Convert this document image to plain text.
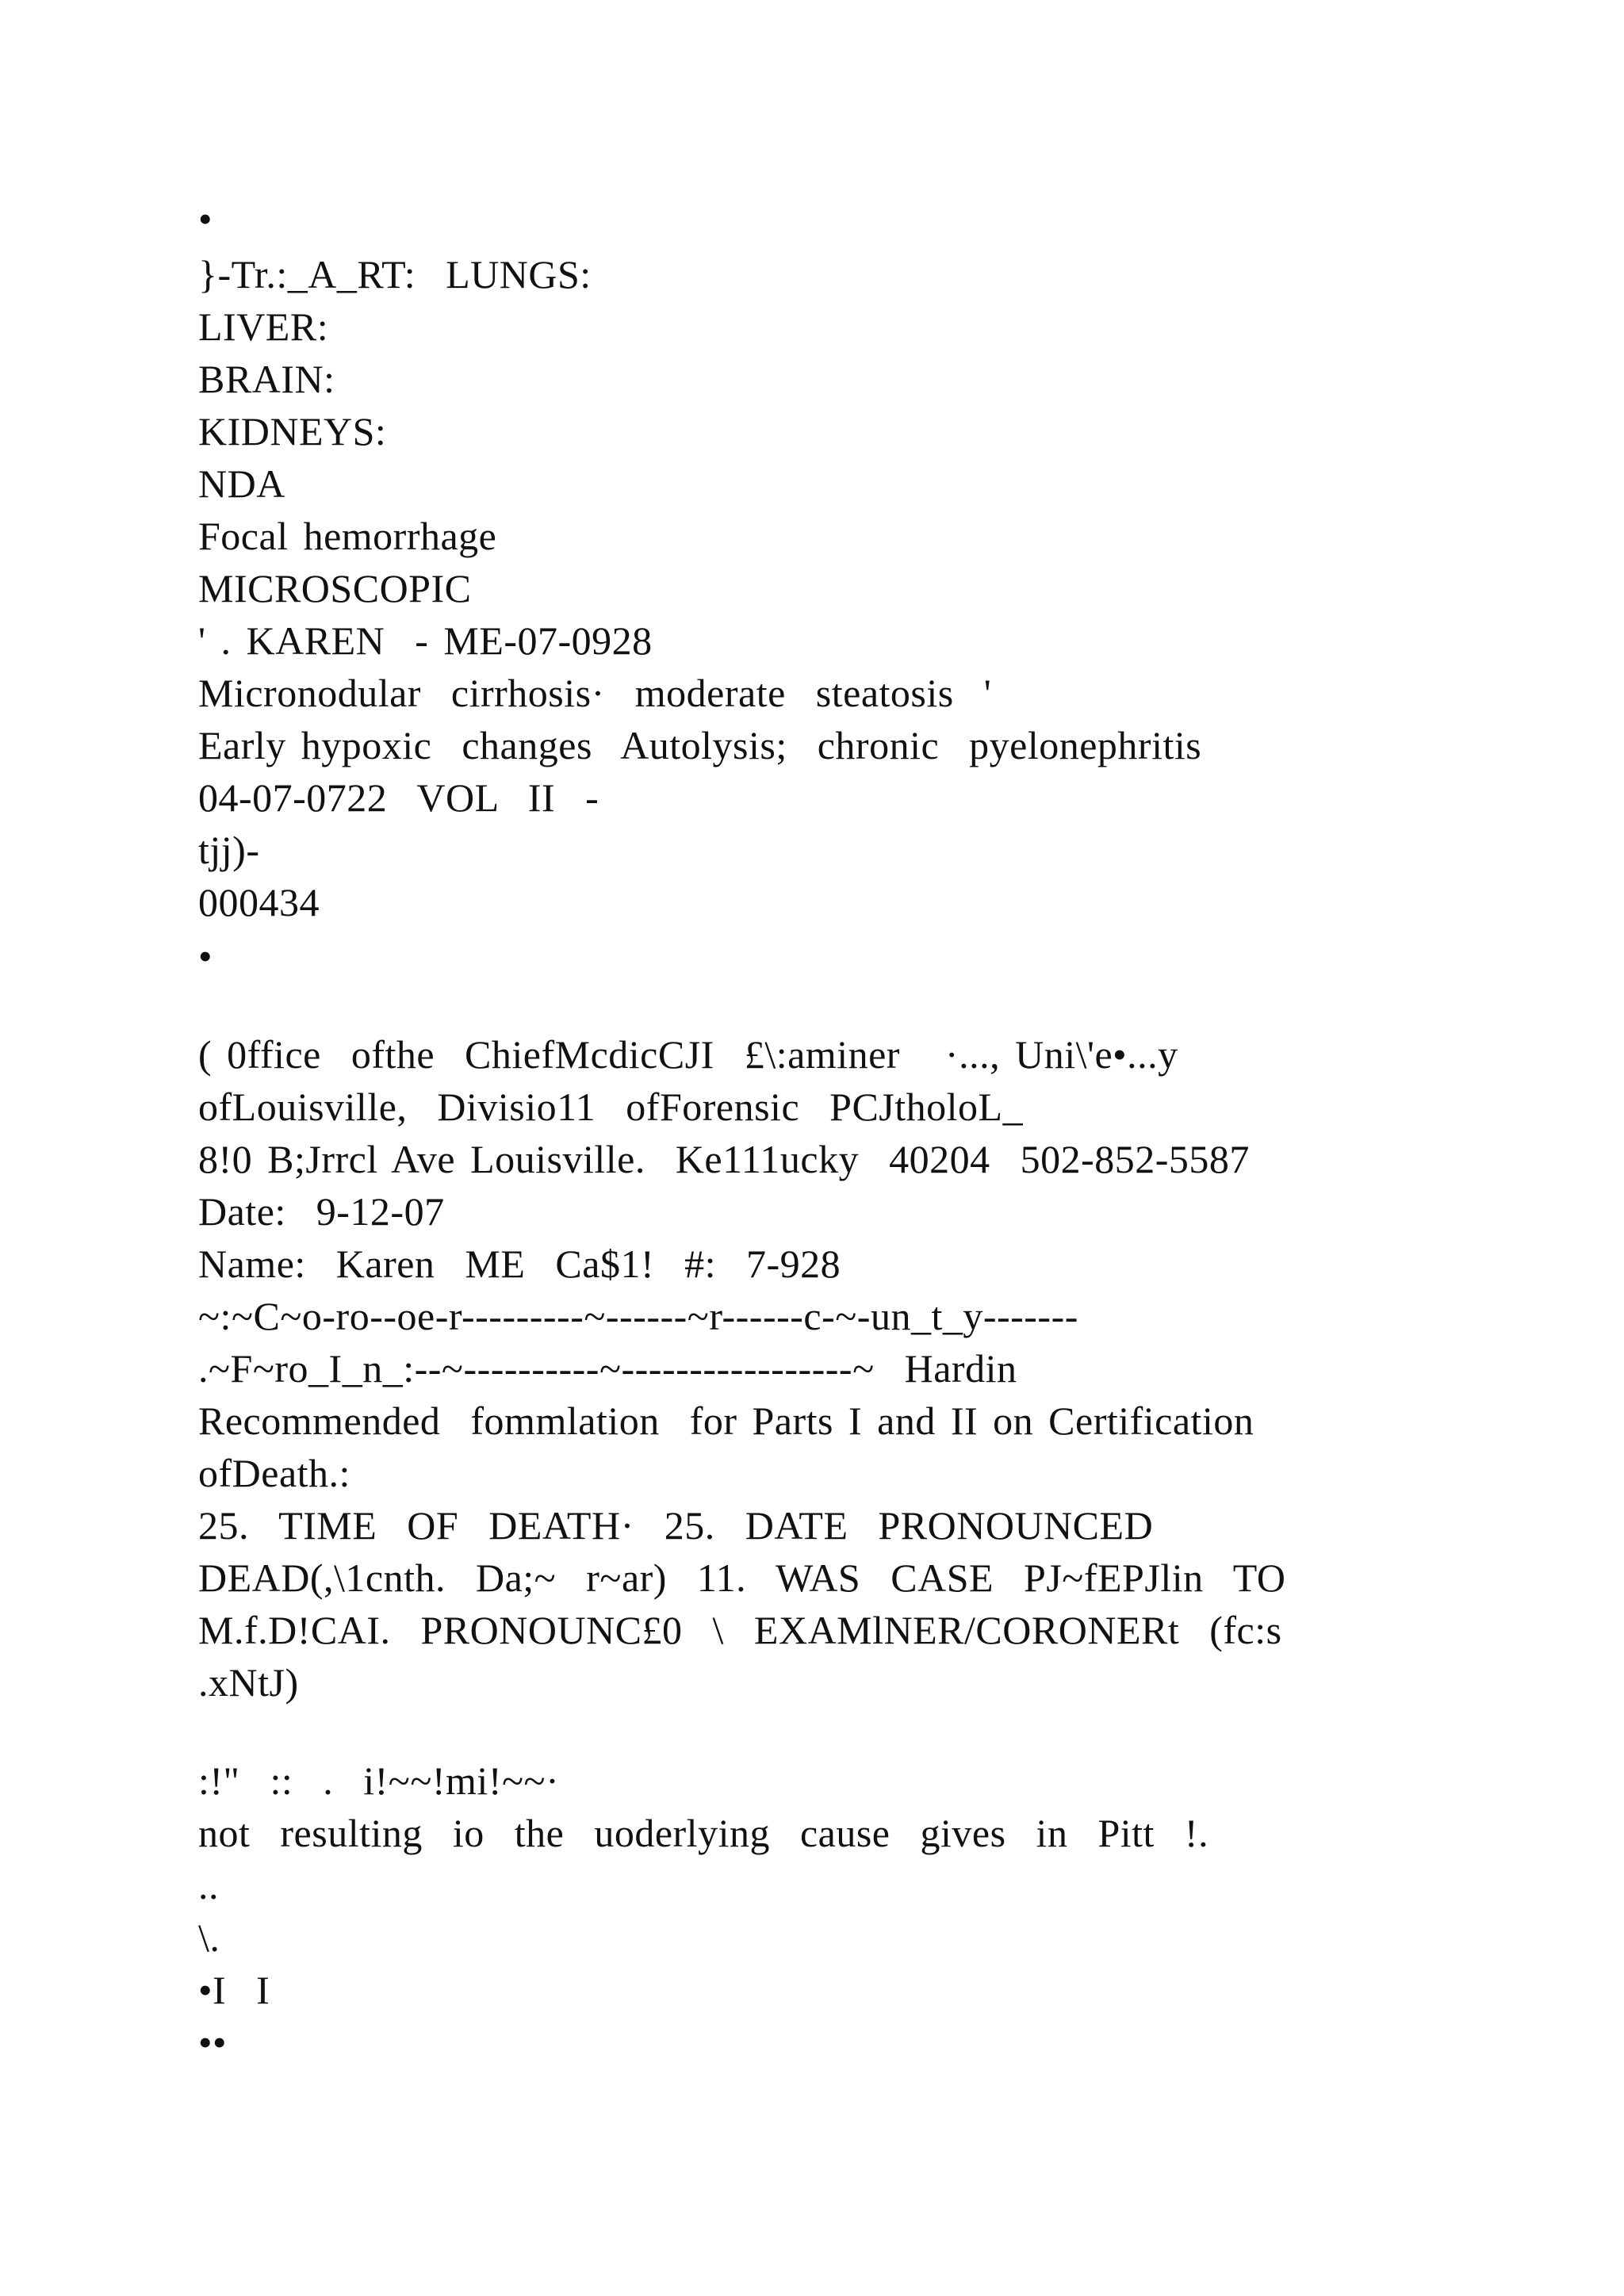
•
}-Tr.:_A_RT:  LUNGS:
LIVER:
BRAIN:
KIDNEYS:
NDA
Focal hemorrhage
MICROSCOPIC
' . KAREN  - ME-07-0928
Micronodular  cirrhosis·  moderate  steatosis  '
Early hypoxic  changes  Autolysis;  chronic  pyelonephritis
04-07-0722  VOL  II  -
tjj)-
000434
•
( 0ffice  ofthe  ChiefMcdicCJI  £\:aminer   ·..., Uni\'e•...y
ofLouisville,  Divisio11  ofForensic  PCJtholoL_
8!0 B;Jrrcl Ave Louisville.  Ke111ucky  40204  502-852-5587
Date:  9-12-07
Name:  Karen  ME  Ca$1!  #:  7-928
~:~C~o-ro--oe-r---------~------~r------c-~-un_t_y-------
.~F~ro_I_n_:--~----------~-----------------~  Hardin
Recommended  fommlation  for Parts I and II on Certification
ofDeath.:
25.  TIME  OF  DEATH·  25.  DATE  PRONOUNCED
DEAD(,\1cnth.  Da;~  r~ar)  11.  WAS  CASE  PJ~fEPJlin  TO
M.f.D!CAI.  PRONOUNC£0  \  EXAMlNER/CORONERt  (fc:s
.xNtJ)
:!"  ::  .  i!~~!mi!~~·
not  resulting  io  the  uoderlying  cause  gives  in  Pitt  !.
..
\.
•I  I
••
